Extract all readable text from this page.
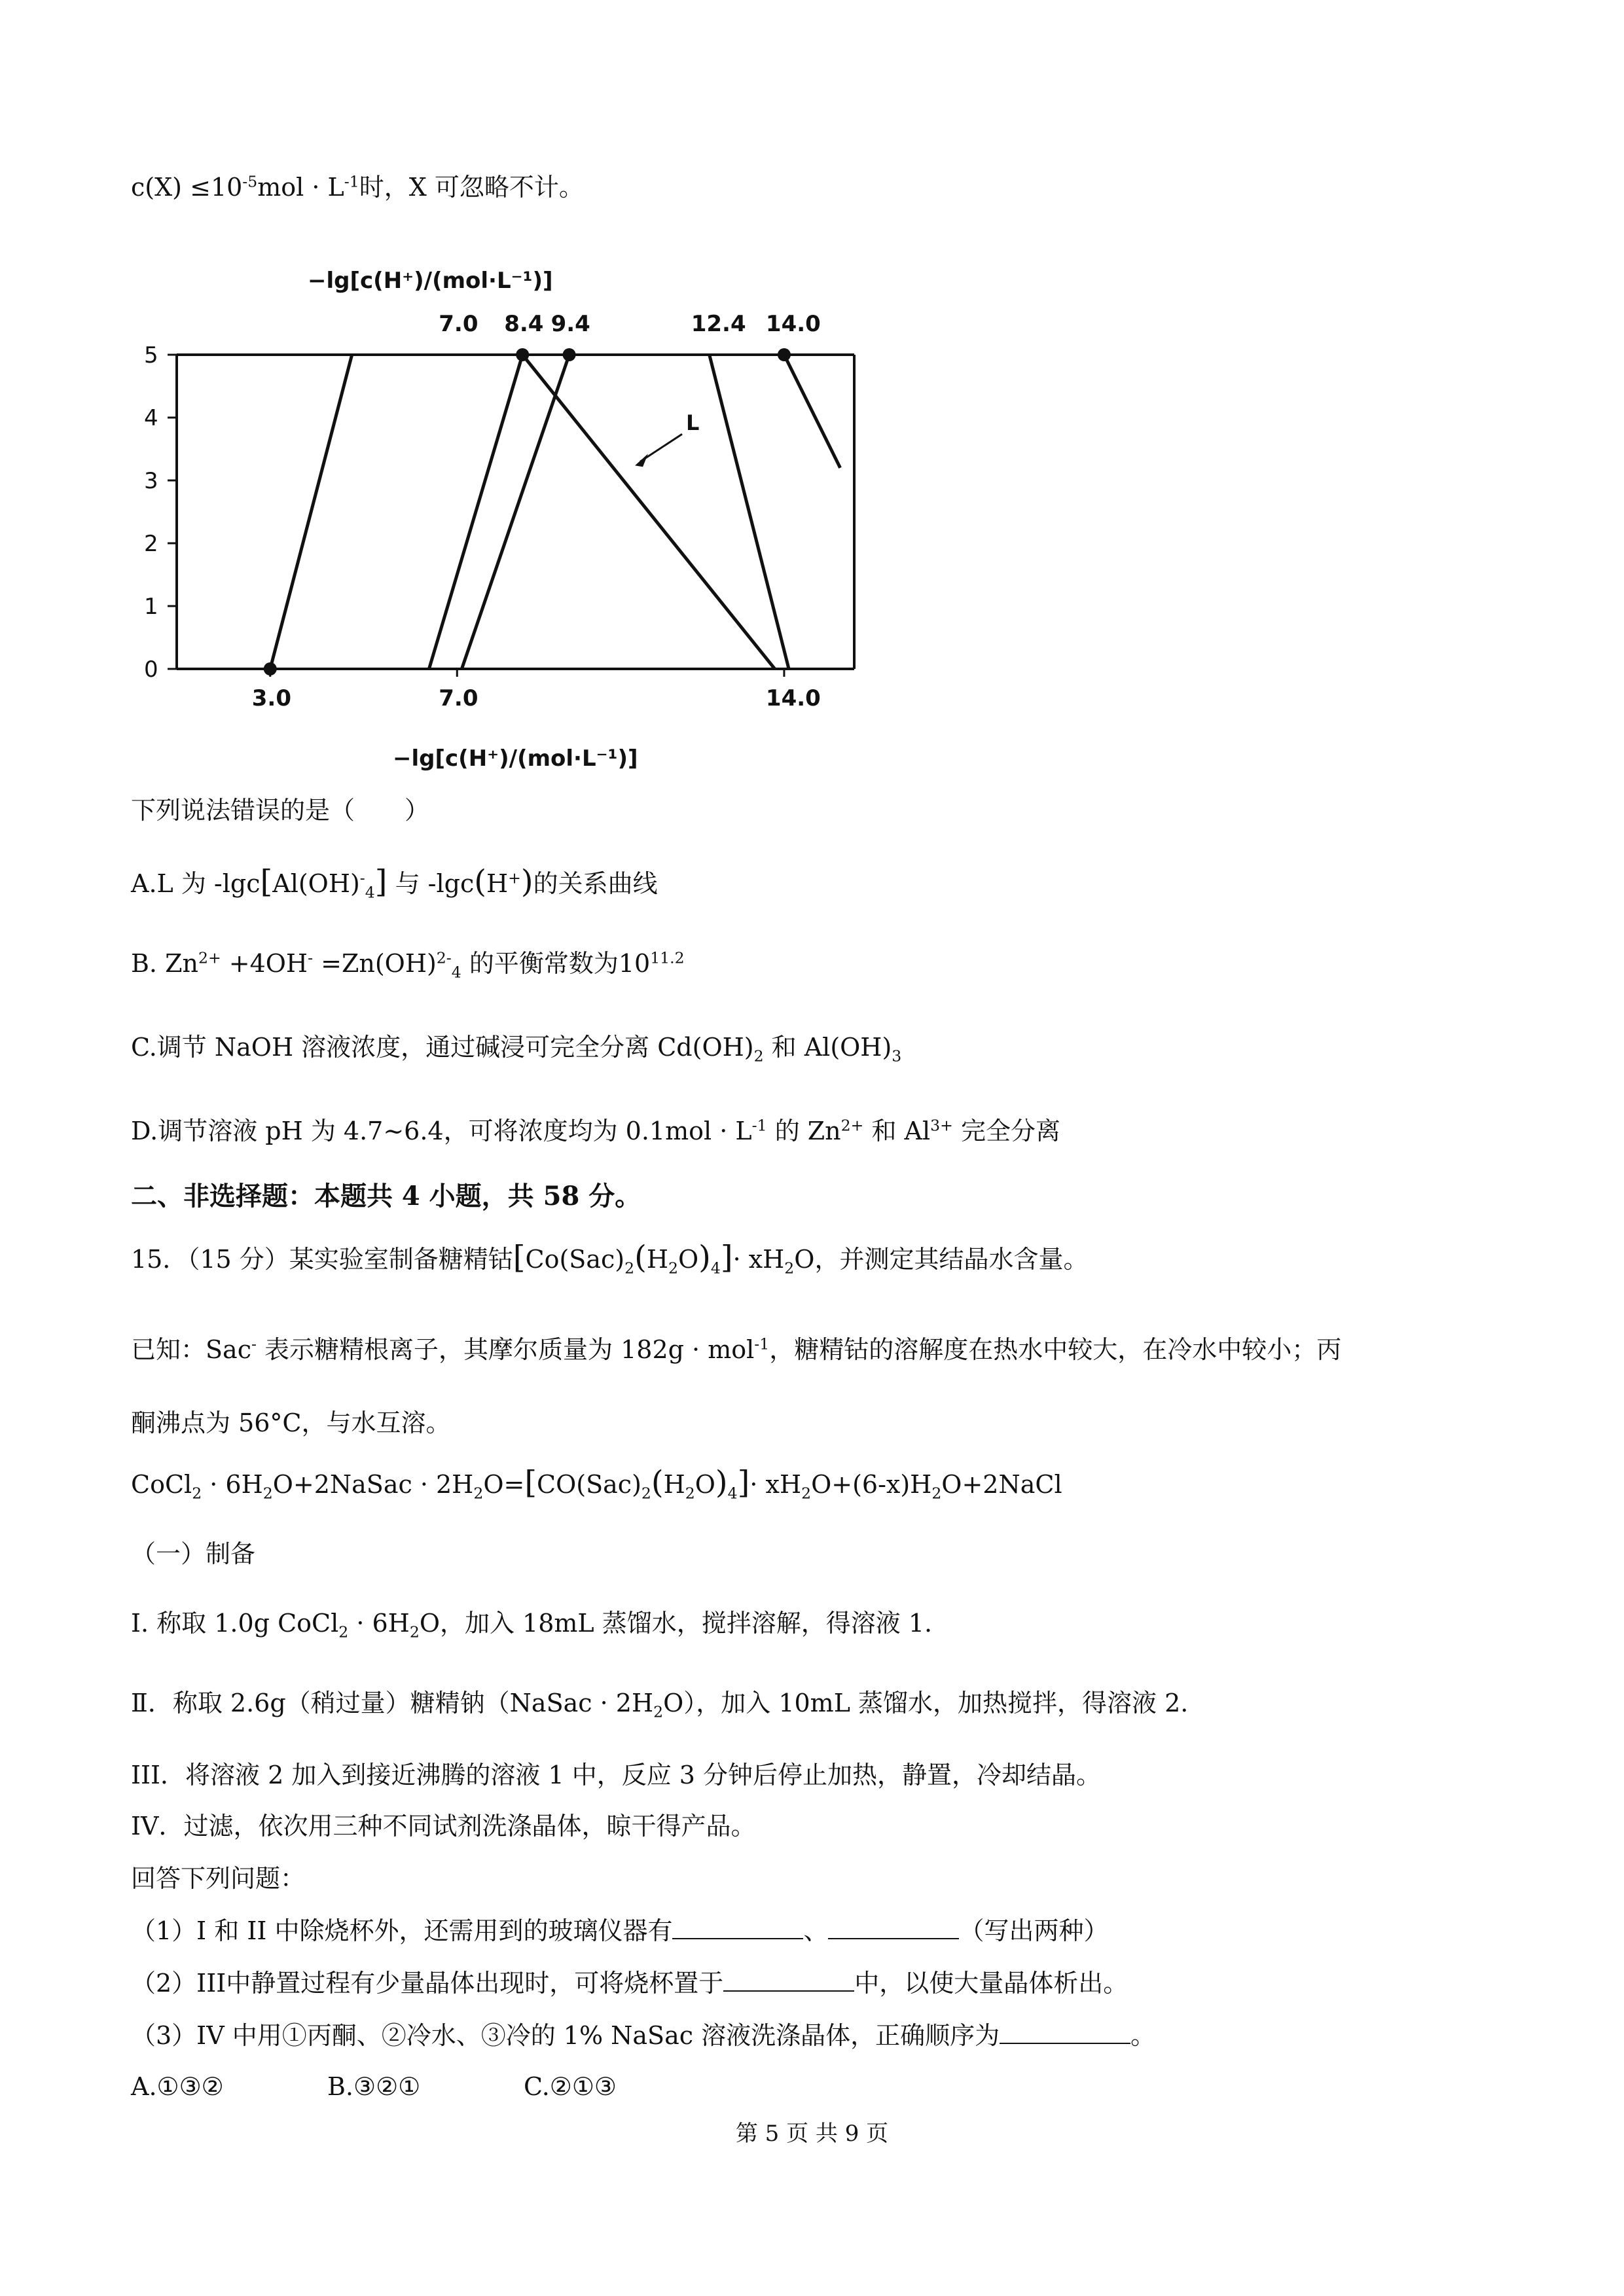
$c(X) \le 10^{-5}mol \cdot L^{-1}$时，X 可忽略不计。
−lg[c(H⁺)/(mol·L⁻¹)]
7.0 8.4 9.4	12.4 14.0
0
1
2
3
4
5
3.0	7.0	14.0
L
−lg[c(H⁺)/(mol·L⁻¹)]
下列说法错误的是（　　）
A.L 为 $-\lg c[Al(OH)^-_4]$ 与 -lgc(H+)的关系曲线
B. $Zn^{2+} +4OH^- =Zn(OH)^{2-}_4$ 的平衡常数为$10^{11.2}$
C.调节 NaOH 溶液浓度，通过碱浸可完全分离 $Cd(OH)_2$ 和 $Al(OH)_3$
D.调节溶液 pH 为 4.7~6.4，可将浓度均为 $0.1mol \cdot L^{-1}$ 的 $Zn^{2+}$ 和 $Al^{3+}$ 完全分离
二、非选择题：本题共 4 小题，共 58 分。
15．（15 分）某实验室制备糖精钴$[Co(Sac)_2(H_2O)_4]\cdot xH_2O$，并测定其结晶水含量。
已知：Sac- 表示糖精根离子，其摩尔质量为 182g · mol$^{-1}$，糖精钴的溶解度在热水中较大，在冷水中较小；丙
酮沸点为 56°C，与水互溶。
CoCl$_2$ · $6H_2O+2NaSac \cdot 2H_2O=[CO(Sac)_2(H_2O)_4]\cdot$ $xH_2O+(6-x)H_2O+2NaCl$
（一）制备
I. 称取 1.0g CoCl$_2$ · $6H_2O$，加入 18mL 蒸馏水，搅拌溶解，得溶液 1.
Ⅱ．称取 2.6g（稍过量）糖精钠（NaSac · $2H_2O$），加入 10mL 蒸馏水，加热搅拌，得溶液 2.
III．将溶液 2 加入到接近沸腾的溶液 1 中，反应 3 分钟后停止加热，静置，冷却结晶。
IV．过滤，依次用三种不同试剂洗涤晶体，晾干得产品。
回答下列问题：
（1）I 和 II 中除烧杯外，还需用到的玻璃仪器有	、	（写出两种）
（2）III中静置过程有少量晶体出现时，可将烧杯置于	中，以使大量晶体析出。
（3）IV 中用①丙酮、②冷水、③冷的 1% NaSac 溶液洗涤晶体，正确顺序为	。
A.①③②	B.③②①	C.②①③
第 5 页 共 9 页
